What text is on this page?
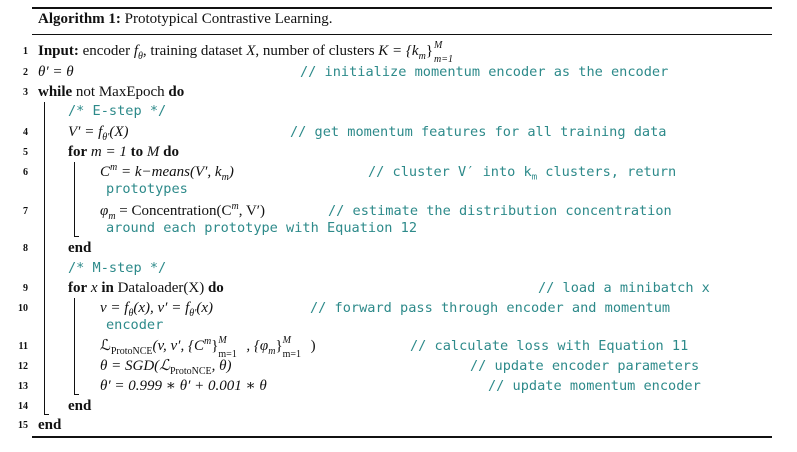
Algorithm 1: Prototypical Contrastive Learning.
1 Input: encoder $f_\theta$, training dataset X, number of clusters $K = \{k_m\}$ M
m=1
2 θ′ = θ	// initialize momentum encoder as the encoder
3 while not MaxEpoch do
/* E-step */
4	$V' = f_{\theta'}(X)$	// get momentum features for all training data
5	for m = 1 to M do
6	$C^m$ = k−means(V′, $k_m$)	// cluster V′ into $k_m$ clusters, return
prototypes
7	$\varphi_m$ = $Concentration(C^m$, V′)	// estimate the distribution concentration
around each prototype with Equation 12
8	end
/* M-step */
9	for x in Dataloader(X) do	// load a minibatch x
10	$v = f_\theta(x)$, $v' = f_{\theta'}(x)$	// forward pass through encoder and momentum
encoder
11	ℒ$_{ProtoNCE}$(v, v′, $\{C^m\}$ M
m=1
, $\{\varphi_m\}$ M
m=1
)	// calculate loss with Equation 11
12	θ = SGD(ℒ$_{ProtoNCE}$, θ)	// update encoder parameters
13	θ′ = 0.999 ∗ θ′ + 0.001 ∗ θ	// update momentum encoder
14	end
15 end
